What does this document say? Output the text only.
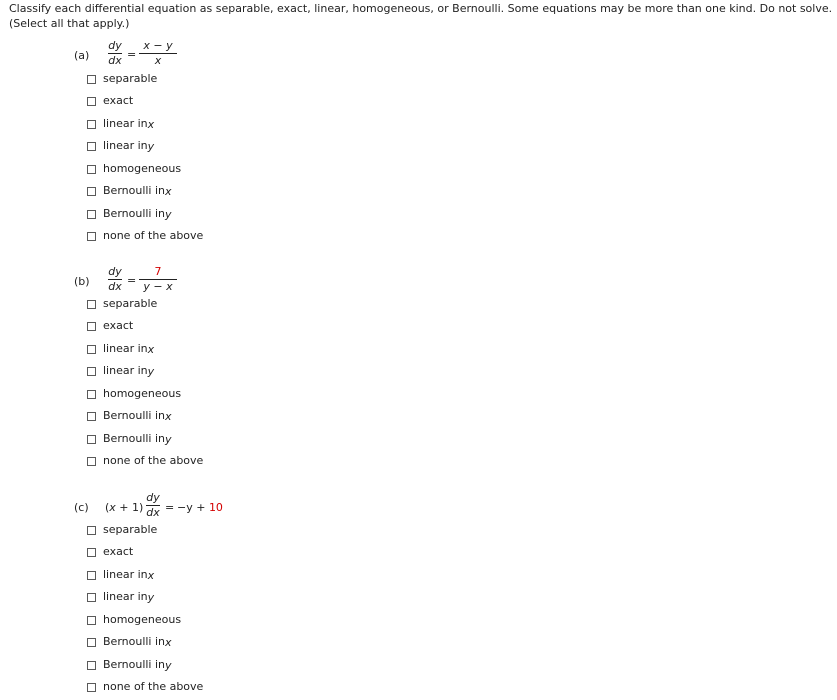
Classify each differential equation as separable, exact, linear, homogeneous, or Bernoulli. Some equations may be more than one kind. Do not solve.
(Select all that apply.)
(a)
dy
dx =
x − y
x
separable
exact
linear in x
linear in y
homogeneous
Bernoulli in x
Bernoulli in y
none of the above
(b)
dy
dx =
7
y − x
separable
exact
linear in x
linear in y
homogeneous
Bernoulli in x
Bernoulli in y
none of the above
(c) (x + 1)
dy
dx = −y + 10
separable
exact
linear in x
linear in y
homogeneous
Bernoulli in x
Bernoulli in y
none of the above
